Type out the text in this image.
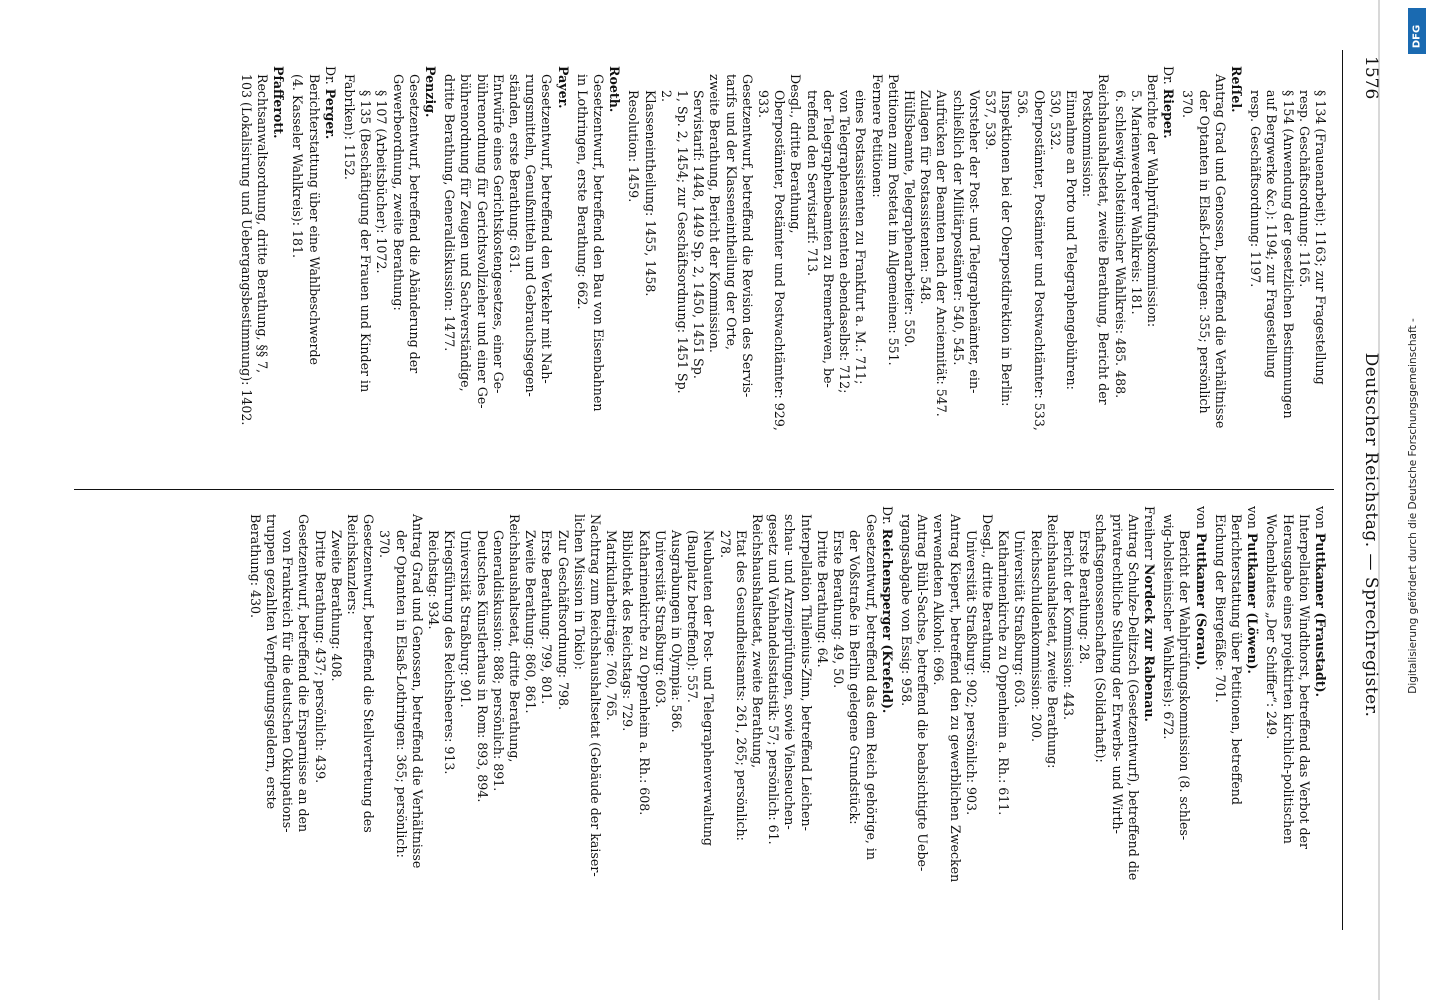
1576
Deutscher Reichstag. — Sprechregister.
§ 134 (Frauenarbeit): 1163; zur Fragestellung
resp. Geschäftsordnung: 1165.
§ 154 (Anwendung der gesetzlichen Bestimmungen
auf Bergwerke &c.): 1194; zur Fragestellung
resp. Geschäftsordnung: 1197.
Reſſel.
Antrag Grad und Genossen, betreffend die Verhältnisse
der Optanten in Elsaß-Lothringen: 355; persönlich
370.
Dr.Rieper.
Berichte der Wahlprüfungskommission:
5. Marienwerderer Wahlkreis: 181.
6. schleswig-holsteinischer Wahlkreis: 485. 488.
Reichshaushaltsetat, zweite Berathung, Bericht der
Postkommission:
Einnahme an Porto und Telegraphengebühren:
530, 532.
Oberpostämter, Postämter und Postwachtämter: 533,
536.
Inspektionen bei der Oberpostdirektion in Berlin:
537, 539.
Vorsteher der Post- und Telegraphenämter, ein-
schließlich der Militärpostämter: 540, 545.
Aufrücken der Beamten nach der Anciennität: 547.
Zulagen für Postassistenten: 548.
Hülfsbeamte, Telegraphenarbeiter: 550.
Petitionen zum Postetat im Allgemeinen: 551.
Fernere Petitionen:
eines Postassistenten zu Frankfurt a. M.: 711;
von Telegraphenassistenten ebendaselbst: 712;
der Telegraphenbeamten zu Bremerhaven, be-
treffend den Servistarif: 713.
Desgl., dritte Berathung,
Oberpostämter, Postämter und Postwachtämter: 929,
933.
Gesetzentwurf, betreffend die Revision des Servis-
tarifs und der Klasseneintheilung der Orte,
zweite Berathung, Bericht der Kommission.
Servistarif: 1448, 1449 Sp. 2, 1450, 1451 Sp.
1, Sp. 2, 1454; zur Geschäftsordnung: 1451 Sp.
2.
Klasseneintheilung: 1455, 1458.
Resolution: 1459.
Roeth.
Gesetzentwurf, betreffend den Bau von Eisenbahnen
in Lothringen, erste Berathung: 662.
Payer.
Gesetzentwurf, betreffend den Verkehr mit Nah-
rungsmitteln, Genußmitteln und Gebrauchsgegen-
ständen, erste Berathung: 631.
Entwürfe eines Gerichtskostengesetzes, einer Ge-
bührenordnung für Gerichtsvollzieher und einer Ge-
bührenordnung für Zeugen und Sachverständige,
dritte Berathung, Generaldiskussion: 1477.
Penzig.
Gesetzentwurf, betreffend die Abänderung der
Gewerbeordnung, zweite Berathung:
§ 107 (Arbeitsbücher): 1072.
§ 135 (Beschäftigung der Frauen und Kinder in
Fabriken): 1152.
Dr.Perger.
Berichterstattung über eine Wahlbeschwerde
(4. Kasseler Wahlkreis): 181.
Pfafferott.
Rechtsanwaltsordnung, dritte Berathung, §§ 7,
103 (Lokalisirung und Uebergangsbestimmung): 1402.
vonPuttkamer (Fraustadt).
Interpellation Windthorst, betreffend das Verbot der
Herausgabe eines projektirten kirchlich-politischen
Wochenblattes „Der Schiffer“: 249.
vonPuttkamer (Löwen).
Berichterstattung über Petitionen, betreffend
Eichung der Biergefäße: 701.
vonPuttkamer (Sorau).
Bericht der Wahlprüfungskommission (8. schles-
wig-holsteinischer Wahlkreis): 672.
FreiherrNordeck zur Rabenau.
Antrag Schulze-Delitzsch (Gesetzentwurf), betreffend die
privatrechtliche Stellung der Erwerbs- und Wirth-
schaftsgenossenschaften (Solidarhaft):
Erste Berathung: 28.
Bericht der Kommission: 443.
Reichshaushaltsetat, zweite Berathung:
Reichsschuldenkommission: 200.
Universität Straßburg: 603.
Katharinenkirche zu Oppenheim a. Rh.: 611.
Desgl., dritte Berathung:
Universität Straßburg: 902; persönlich: 903.
Antrag Kiepert, betreffend den zu gewerblichen Zwecken
verwendeten Alkohol: 696.
Antrag Bühl-Sachse, betreffend die beabsichtigte Uebe-
rgangsabgabe von Essig: 958.
Dr.Reichensperger (Krefeld).
Gesetzentwurf, betreffend das dem Reich gehörige, in
der Voßstraße in Berlin gelegene Grundstück:
Erste Berathung: 49, 50.
Dritte Berathung: 64.
Interpellation Thilenius-Zinn, betreffend Leichen-
schau- und Arzneiprüfungen, sowie Viehseuchen-
gesetz und Viehhandelsstatistik: 57; persönlich: 61.
Reichshaushaltsetat, zweite Berathung,
Etat des Gesundheitsamts: 261, 265; persönlich:
278.
Neubauten der Post- und Telegraphenverwaltung
(Bauplatz betreffend): 557.
Ausgrabungen in Olympia: 586.
Universität Straßburg: 603.
Katharinenkirche zu Oppenheim a. Rh.: 608.
Bibliothek des Reichstags: 729.
Matrikularbeiträge: 760, 765.
Nachtrag zum Reichshaushaltsetat (Gebäude der kaiser-
lichen Mission in Tokio):
Zur Geschäftsordnung: 798.
Erste Berathung: 799, 801.
Zweite Berathung: 860, 861.
Reichshaushaltsetat, dritte Berathung,
Generaldiskussion: 888; persönlich: 891.
Deutsches Künstlerhaus in Rom: 893, 894.
Universität Straßburg: 901.
Kriegsführung des Reichsheeres: 913.
Reichstag: 934.
Antrag Grad und Genossen, betreffend die Verhältnisse
der Optanten in Elsaß-Lothringen: 365; persönlich:
370.
Gesetzentwurf, betreffend die Stellvertretung des
Reichskanzlers:
Zweite Berathung: 408.
Dritte Berathung: 437; persönlich: 439.
Gesetzentwurf, betreffend die Ersparnisse an den
von Frankreich für die deutschen Okkupations-
truppen gezahlten Verpflegungsgeldern, erste
Berathung: 430.	Digitalisierung gefördert durch die Deutsche Forschungsgemeinschaft -
DFG
